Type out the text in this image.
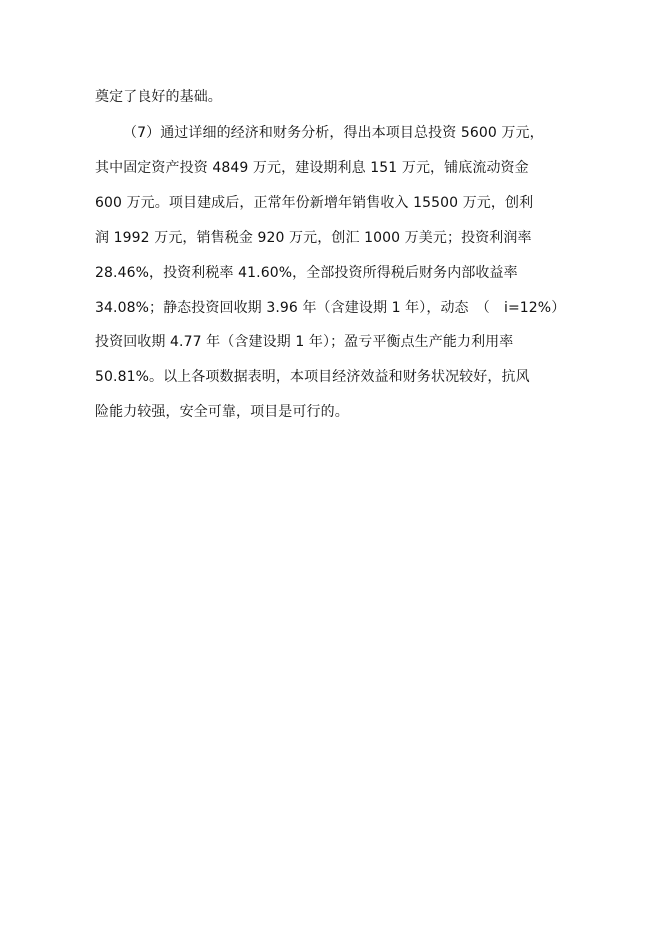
奠定了良好的基础。
（7）通过详细的经济和财务分析，得出本项目总投资 5600 万元，
其中固定资产投资 4849 万元，建设期利息 151 万元，铺底流动资金
600 万元。项目建成后，正常年份新增年销售收入 15500 万元，创利
润 1992 万元，销售税金 920 万元，创汇 1000 万美元；投资利润率
28.46%，投资利税率 41.60%，全部投资所得税后财务内部收益率
34.08%；静态投资回收期 3.96 年（含建设期 1 年），动态　（　i=12%）
投资回收期 4.77 年（含建设期 1 年）；盈亏平衡点生产能力利用率
50.81%。以上各项数据表明，本项目经济效益和财务状况较好，抗风
险能力较强，安全可靠，项目是可行的。
